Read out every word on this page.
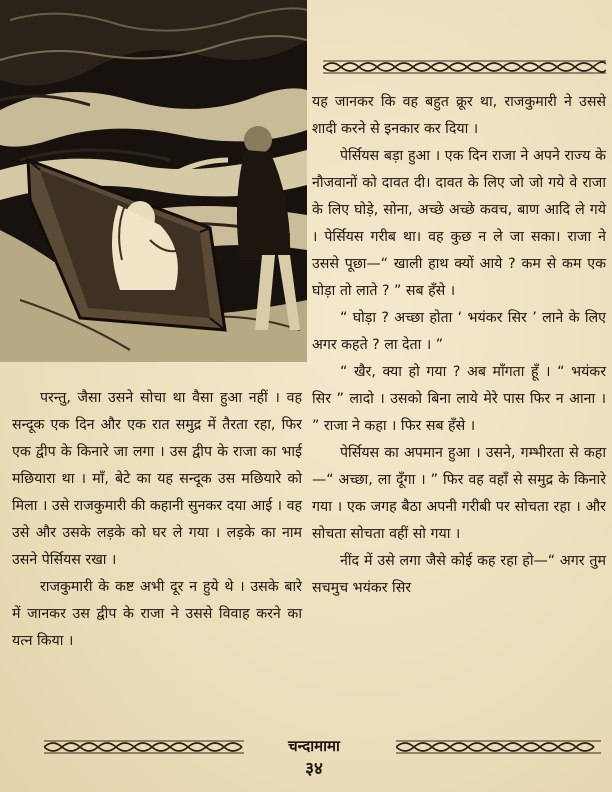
यह जानकर कि वह बहुत क्रूर था, राजकुमारी ने उससे शादी करने से इनकार कर दिया ।

पेर्सियस बड़ा हुआ । एक दिन राजा ने अपने राज्य के नौजवानों को दावत दी। दावत के लिए जो जो गये वे राजा के लिए घोड़े, सोना, अच्छे अच्छे कवच, बाण आदि ले गये । पेर्सियस गरीब था। वह कुछ न ले जा सका। राजा ने उससे पूछा—“ खाली हाथ क्यों आये ? कम से कम एक घोड़ा तो लाते ? ” सब हँसे ।

“ घोड़ा ? अच्छा होता ‘ भयंकर सिर ’ लाने के लिए अगर कहते ? ला देता । ”

“ खैर, क्या हो गया ? अब माँगता हूँ । “ भयंकर सिर ” लादो । उसको बिना लाये मेरे पास फिर न आना । ” राजा ने कहा । फिर सब हँसे ।

पेर्सियस का अपमान हुआ । उसने, गम्भीरता से कहा—“ अच्छा, ला दूँगा । ” फिर वह वहाँ से समुद्र के किनारे गया । एक जगह बैठा अपनी गरीबी पर सोचता रहा । और सोचता सोचता वहीं सो गया ।

नींद में उसे लगा जैसे कोई कह रहा हो—“ अगर तुम सचमुच भयंकर सिर

परन्तु, जैसा उसने सोचा था वैसा हुआ नहीं । वह सन्दूक एक दिन और एक रात समुद्र में तैरता रहा, फिर एक द्वीप के किनारे जा लगा । उस द्वीप के राजा का भाई मछियारा था । माँ, बेटे का यह सन्दूक उस मछियारे को मिला । उसे राजकुमारी की कहानी सुनकर दया आई । वह उसे और उसके लड़के को घर ले गया । लड़के का नाम उसने पेर्सियस रखा ।

राजकुमारी के कष्ट अभी दूर न हुये थे । उसके बारे में जानकर उस द्वीप के राजा ने उससे विवाह करने का यत्न किया ।

चन्दामामा
३४
